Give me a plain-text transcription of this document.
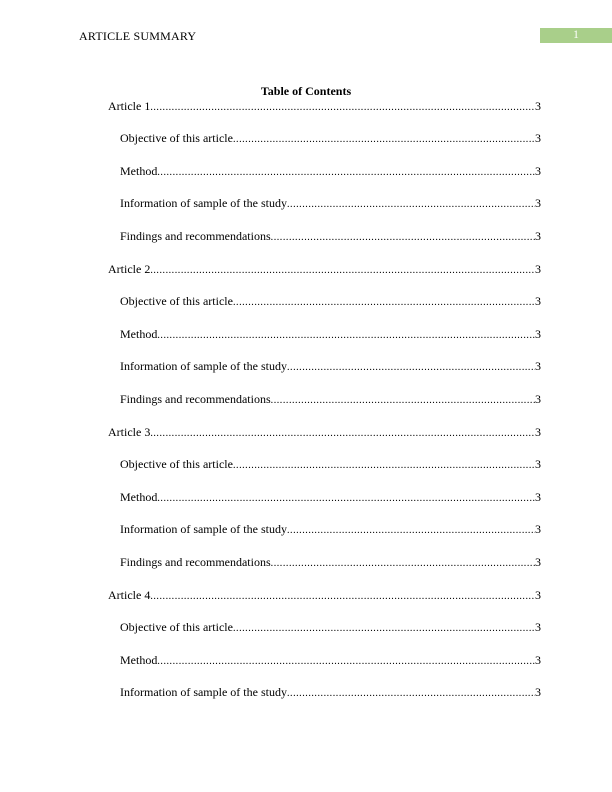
ARTICLE SUMMARY	1
Table of Contents
Article 1 .....	3
Objective of this article .....	3
Method .....	3
Information of sample of the study .....	3
Findings and recommendations .....	3
Article 2 .....	3
Objective of this article .....	3
Method .....	3
Information of sample of the study .....	3
Findings and recommendations .....	3
Article 3 .....	3
Objective of this article .....	3
Method .....	3
Information of sample of the study .....	3
Findings and recommendations .....	3
Article 4 .....	3
Objective of this article .....	3
Method .....	3
Information of sample of the study .....	3
